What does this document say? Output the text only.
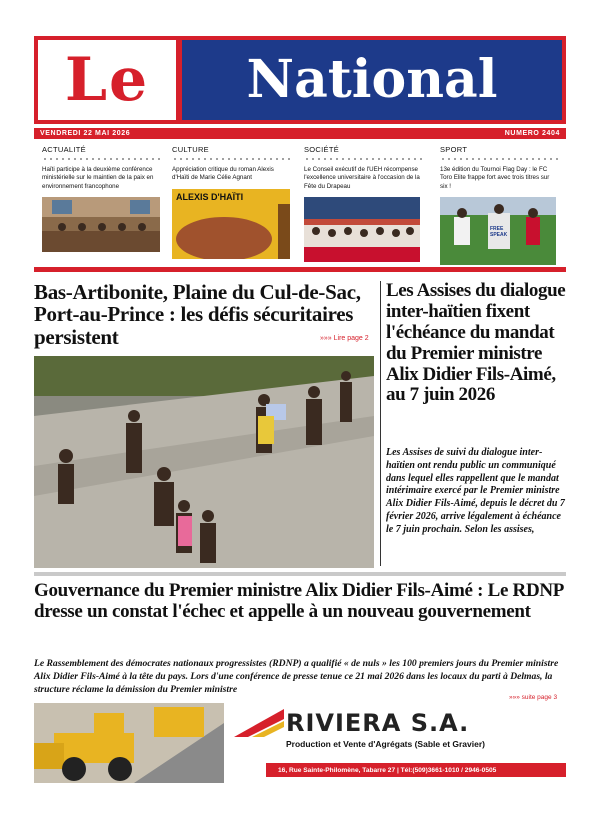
Le National
VENDREDI 22 MAI 2026	NUMERO 2404
ACTUALITÉ
Haïti participe à la deuxième conférence ministérielle sur le maintien de la paix en environnement francophone
CULTURE
Appréciation critique du roman Alexis d'Haïti de Marie Célie Agnant
ALEXIS D'HAÏTI
SOCIÉTÉ
Le Conseil exécutif de l'UEH récompense l'excellence universitaire à l'occasion de la Fête du Drapeau
SPORT
13e édition du Tournoi Flag Day : le FC Toro Elite frappe fort avec trois titres sur six !
FREE SPEAK
Bas-Artibonite, Plaine du Cul-de-Sac, Port-au-Prince : les défis sécuritaires persistent	»»» Lire page 2
Les Assises du dialogue inter-haïtien fixent l'échéance du mandat du Premier ministre Alix Didier Fils-Aimé, au 7 juin 2026
Les Assises de suivi du dialogue inter-haïtien ont rendu public un communiqué dans lequel elles rappellent que le mandat intérimaire exercé par le Premier ministre Alix Didier Fils-Aimé, depuis le décret du 7 février 2026, arrive légalement à échéance le 7 juin prochain. Selon les assises,
Gouvernance du Premier ministre Alix Didier Fils-Aimé : Le RDNP dresse un constat l'échec et appelle à un nouveau gouvernement
Le Rassemblement des démocrates nationaux progressistes (RDNP) a qualifié « de nuls » les 100 premiers jours du Premier ministre Alix Didier Fils-Aimé à la tête du pays. Lors d'une conférence de presse tenue ce 21 mai 2026 dans les locaux du parti à Delmas, la structure réclame la démission du Premier ministre
»»» suite page 3
RIVIERA S.A.
Production et Vente d'Agrégats (Sable et Gravier)
16, Rue Sainte-Philomène, Tabarre 27 | Tél:(509)3661-1010 / 2946-0505
